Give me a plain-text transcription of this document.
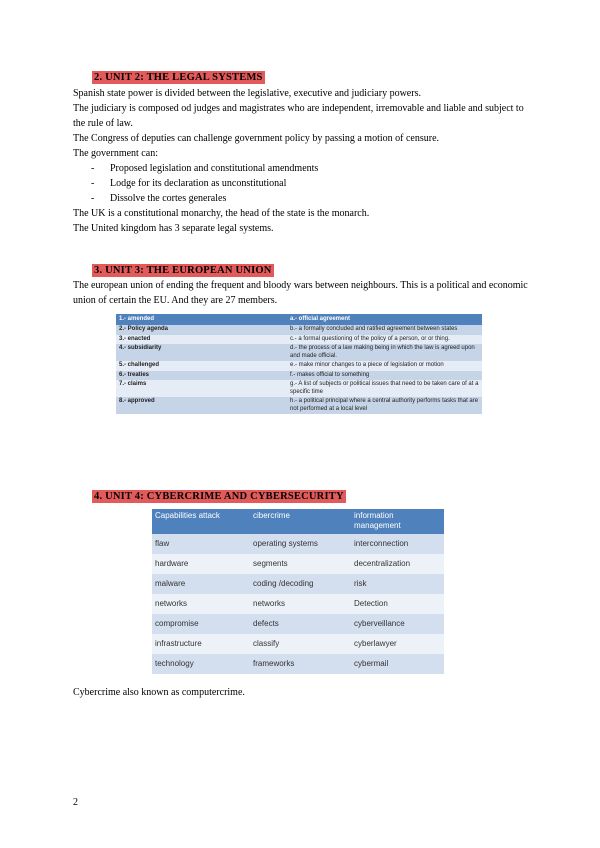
2. UNIT 2: THE LEGAL SYSTEMS

Spanish state power is divided between the legislative, executive and judiciary powers.

The judiciary is composed od judges and magistrates who are independent, irremovable and liable and subject to the rule of law.

The Congress of deputies can challenge government policy by passing a motion of censure.

The government can:

- Proposed legislation and constitutional amendments
- Lodge for its declaration as unconstitutional
- Dissolve the cortes generales

The UK is a constitutional monarchy, the head of the state is the monarch.

The United kingdom has 3 separate legal systems.

3. UNIT 3: THE EUROPEAN UNION

The european union of ending the frequent and bloody wars between neighbours. This is a political and economic union of certain the EU. And they are 27 members.

1.- amended	a.- official agreement
2.- Policy agenda	b.- a formally concluded and ratified agreement between states
3.- enacted	c.- a formal questioning of the policy of a person, or or thing.
4.- subsidiarity	d.- the process of a law making being in which the law is agreed upon and made official.
5.- challenged	e.- make minor changes to a piece of legislation or motion
6.- treaties	f.- makes official to something
7.- claims	g.- A list of subjects or political issues that need to be taken care of at a specific time
8.- approved	h.- a political principal where a central authority performs tasks that are not performed at a local level
4. UNIT 4: CYBERCRIME AND CYBERSECURITY
Capabilities attack	cibercrime	information management
flaw	operating systems	interconnection
hardware	segments	decentralization
malware	coding /decoding	risk
networks	networks	Detection
compromise	defects	cyberveillance
infrastructure	classify	cyberlawyer
technology	frameworks	cybermail

Cybercrime also known as computercrime.

2
